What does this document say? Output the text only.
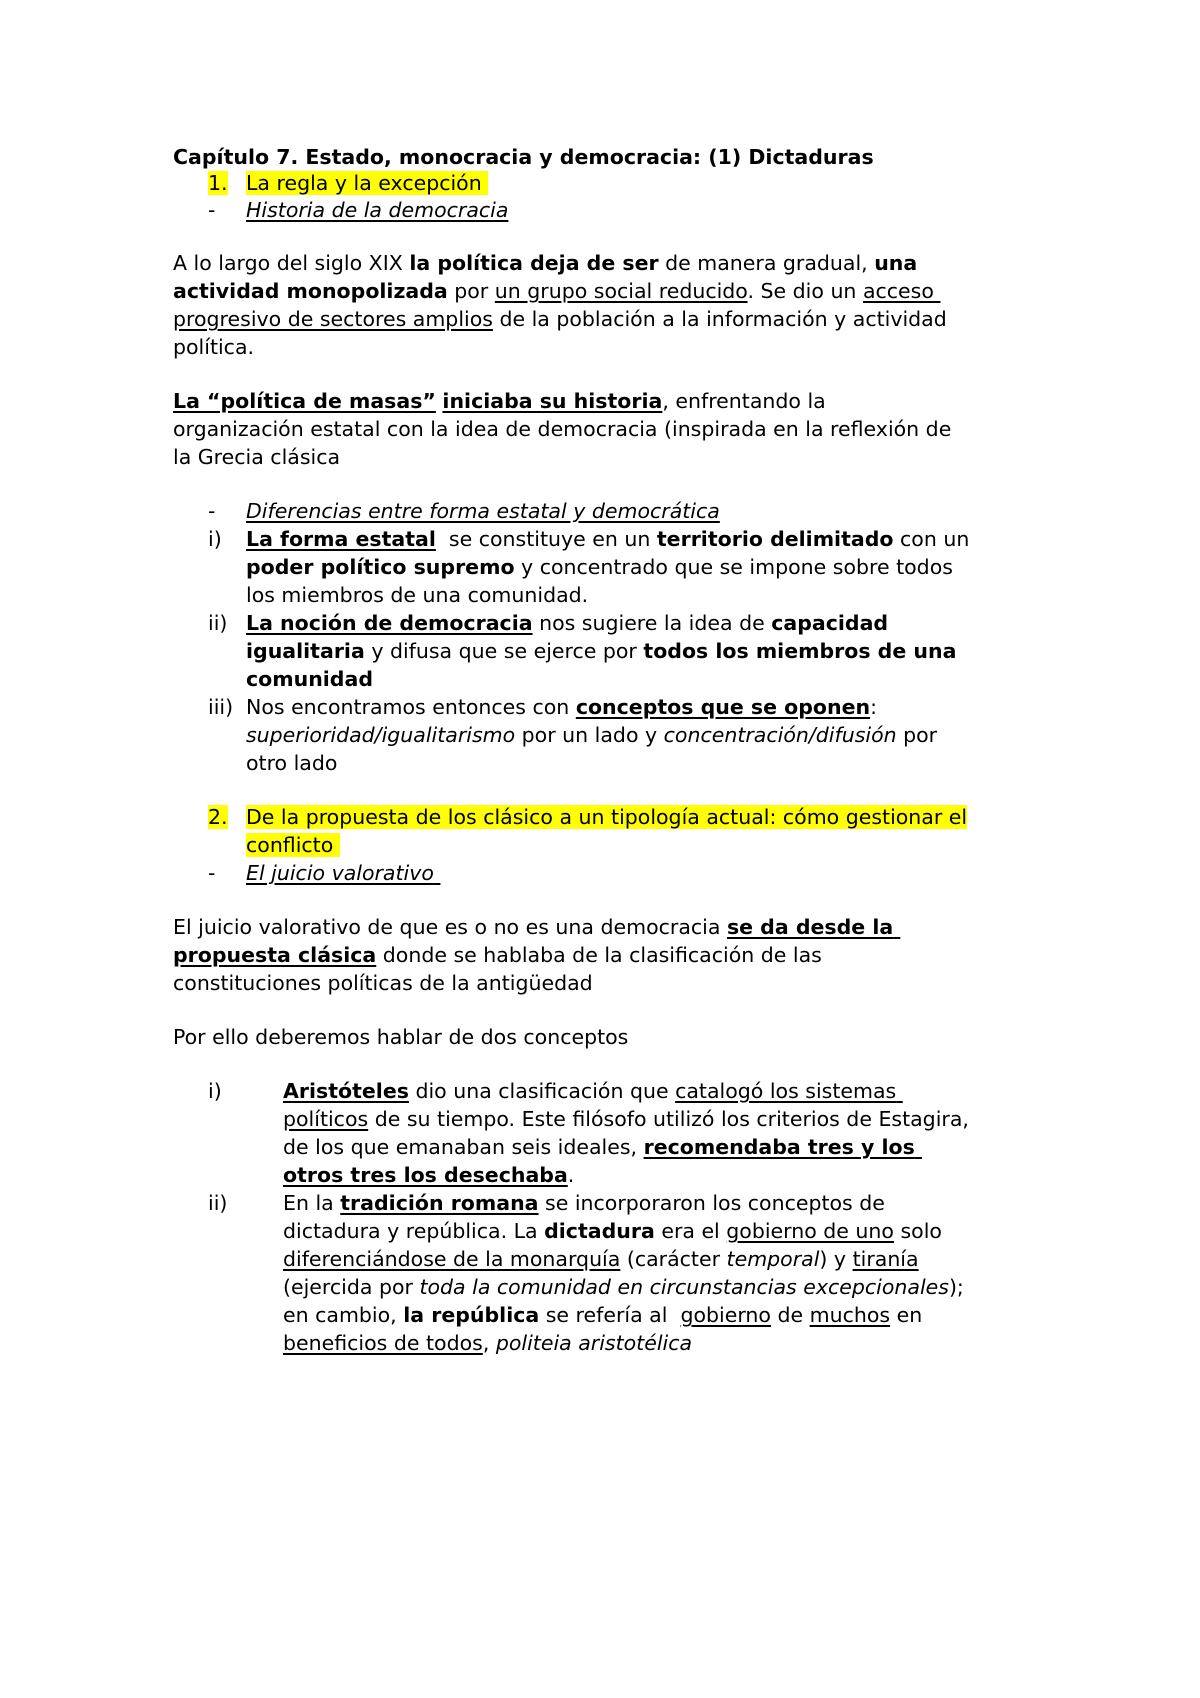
Capítulo 7. Estado, monocracia y democracia: (1) Dictaduras
1. La regla y la excepción
- Historia de la democracia
A lo largo del siglo XIX la política deja de ser de manera gradual, una
actividad monopolizada por un grupo social reducido. Se dio un acceso
progresivo de sectores amplios de la población a la información y actividad
política.
La “política de masas” iniciaba su historia, enfrentando la
organización estatal con la idea de democracia (inspirada en la reflexión de
la Grecia clásica
- Diferencias entre forma estatal y democrática
i) La forma estatal  se constituye en un territorio delimitado con un
poder político supremo y concentrado que se impone sobre todos
los miembros de una comunidad.
ii) La noción de democracia nos sugiere la idea de capacidad
igualitaria y difusa que se ejerce por todos los miembros de una
comunidad
iii) Nos encontramos entonces con conceptos que se oponen:
superioridad/igualitarismo por un lado y concentración/difusión por
otro lado
2. De la propuesta de los clásico a un tipología actual: cómo gestionar el
conflicto
- El juicio valorativo
El juicio valorativo de que es o no es una democracia se da desde la
propuesta clásica donde se hablaba de la clasificación de las
constituciones políticas de la antigüedad
Por ello deberemos hablar de dos conceptos
i)	Aristóteles dio una clasificación que catalogó los sistemas
políticos de su tiempo. Este filósofo utilizó los criterios de Estagira,
de los que emanaban seis ideales, recomendaba tres y los
otros tres los desechaba.
ii)	En la tradición romana se incorporaron los conceptos de
dictadura y república. La dictadura era el gobierno de uno solo
diferenciándose de la monarquía (carácter temporal) y tiranía
(ejercida por toda la comunidad en circunstancias excepcionales);
en cambio, la república se refería al  gobierno de muchos en
beneficios de todos, politeia aristotélica
